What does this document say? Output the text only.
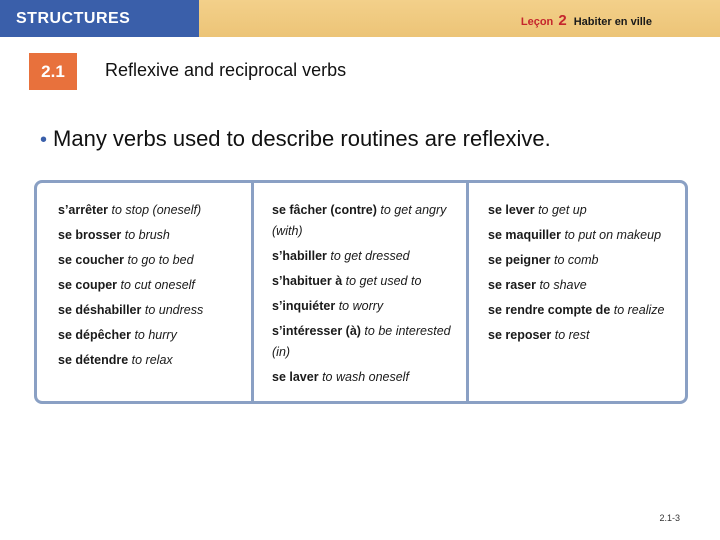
STRUCTURES	Leçon 2 Habiter en ville
2.1	Reflexive and reciprocal verbs
• Many verbs used to describe routines are reflexive.
s’arrêter to stop (oneself)
se brosser to brush
se coucher to go to bed
se couper to cut oneself
se déshabiller to undress
se dépêcher to hurry
se détendre to relax
se fâcher (contre) to get angry (with)
s’habiller to get dressed
s’habituer à to get used to
s’inquiéter to worry
s’intéresser (à) to be interested (in)
se laver to wash oneself
se lever to get up
se maquiller to put on makeup
se peigner to comb
se raser to shave
se rendre compte de to realize
se reposer to rest
2.1-3
